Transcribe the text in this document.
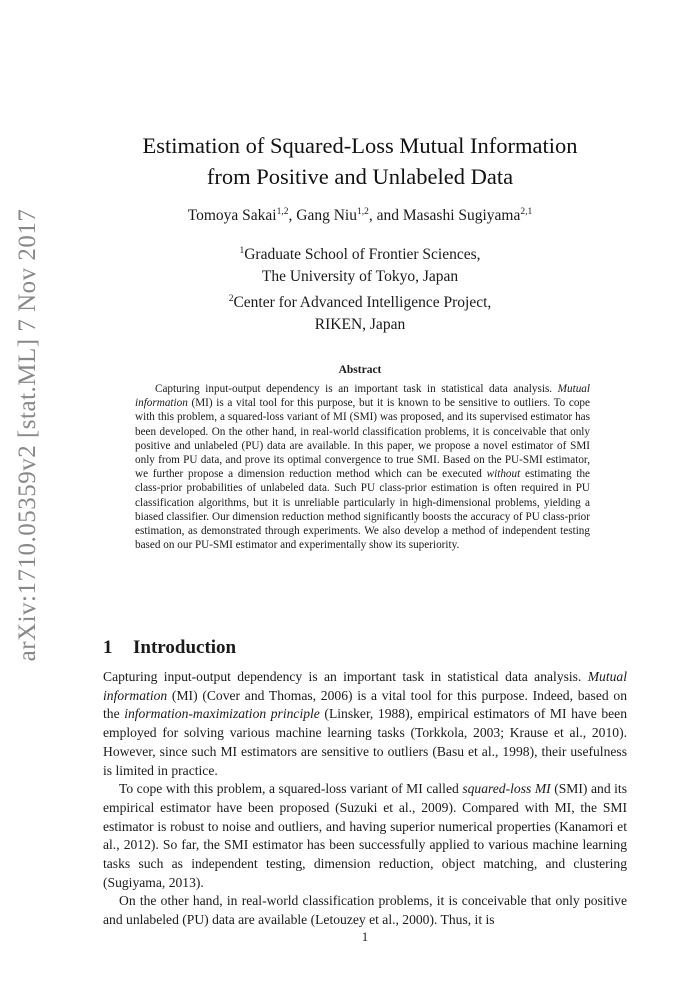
arXiv:1710.05359v2 [stat.ML] 7 Nov 2017
Estimation of Squared-Loss Mutual Information
from Positive and Unlabeled Data
Tomoya Sakai$^{1,2}$, Gang Niu$^{1,2}$, and Masashi Sugiyama$^{2,1}$
$^1$Graduate School of Frontier Sciences,
The University of Tokyo, Japan
$^2$Center for Advanced Intelligence Project,
RIKEN, Japan
Abstract
Capturing input-output dependency is an important task in statistical data analysis. Mutual information (MI) is a vital tool for this purpose, but it is known to be sensitive to outliers. To cope with this problem, a squared-loss variant of MI (SMI) was proposed, and its supervised estimator has been developed. On the other hand, in real-world classification problems, it is conceivable that only positive and unlabeled (PU) data are available. In this paper, we propose a novel estimator of SMI only from PU data, and prove its optimal convergence to true SMI. Based on the PU-SMI estimator, we further propose a dimension reduction method which can be executed without estimating the class-prior probabilities of unlabeled data. Such PU class-prior estimation is often required in PU classification algorithms, but it is unreliable particularly in high-dimensional problems, yielding a biased classifier. Our dimension reduction method significantly boosts the accuracy of PU class-prior estimation, as demonstrated through experiments. We also develop a method of independent testing based on our PU-SMI estimator and experimentally show its superiority.
1 Introduction

Capturing input-output dependency is an important task in statistical data analysis. Mutual information (MI) (Cover and Thomas, 2006) is a vital tool for this purpose. Indeed, based on the information-maximization principle (Linsker, 1988), empirical estimators of MI have been employed for solving various machine learning tasks (Torkkola, 2003; Krause et al., 2010). However, since such MI estimators are sensitive to outliers (Basu et al., 1998), their usefulness is limited in practice.

To cope with this problem, a squared-loss variant of MI called squared-loss MI (SMI) and its empirical estimator have been proposed (Suzuki et al., 2009). Compared with MI, the SMI estimator is robust to noise and outliers, and having superior numerical properties (Kanamori et al., 2012). So far, the SMI estimator has been successfully applied to various machine learning tasks such as independent testing, dimension reduction, object matching, and clustering (Sugiyama, 2013).

On the other hand, in real-world classification problems, it is conceivable that only positive and unlabeled (PU) data are available (Letouzey et al., 2000). Thus, it is

1
